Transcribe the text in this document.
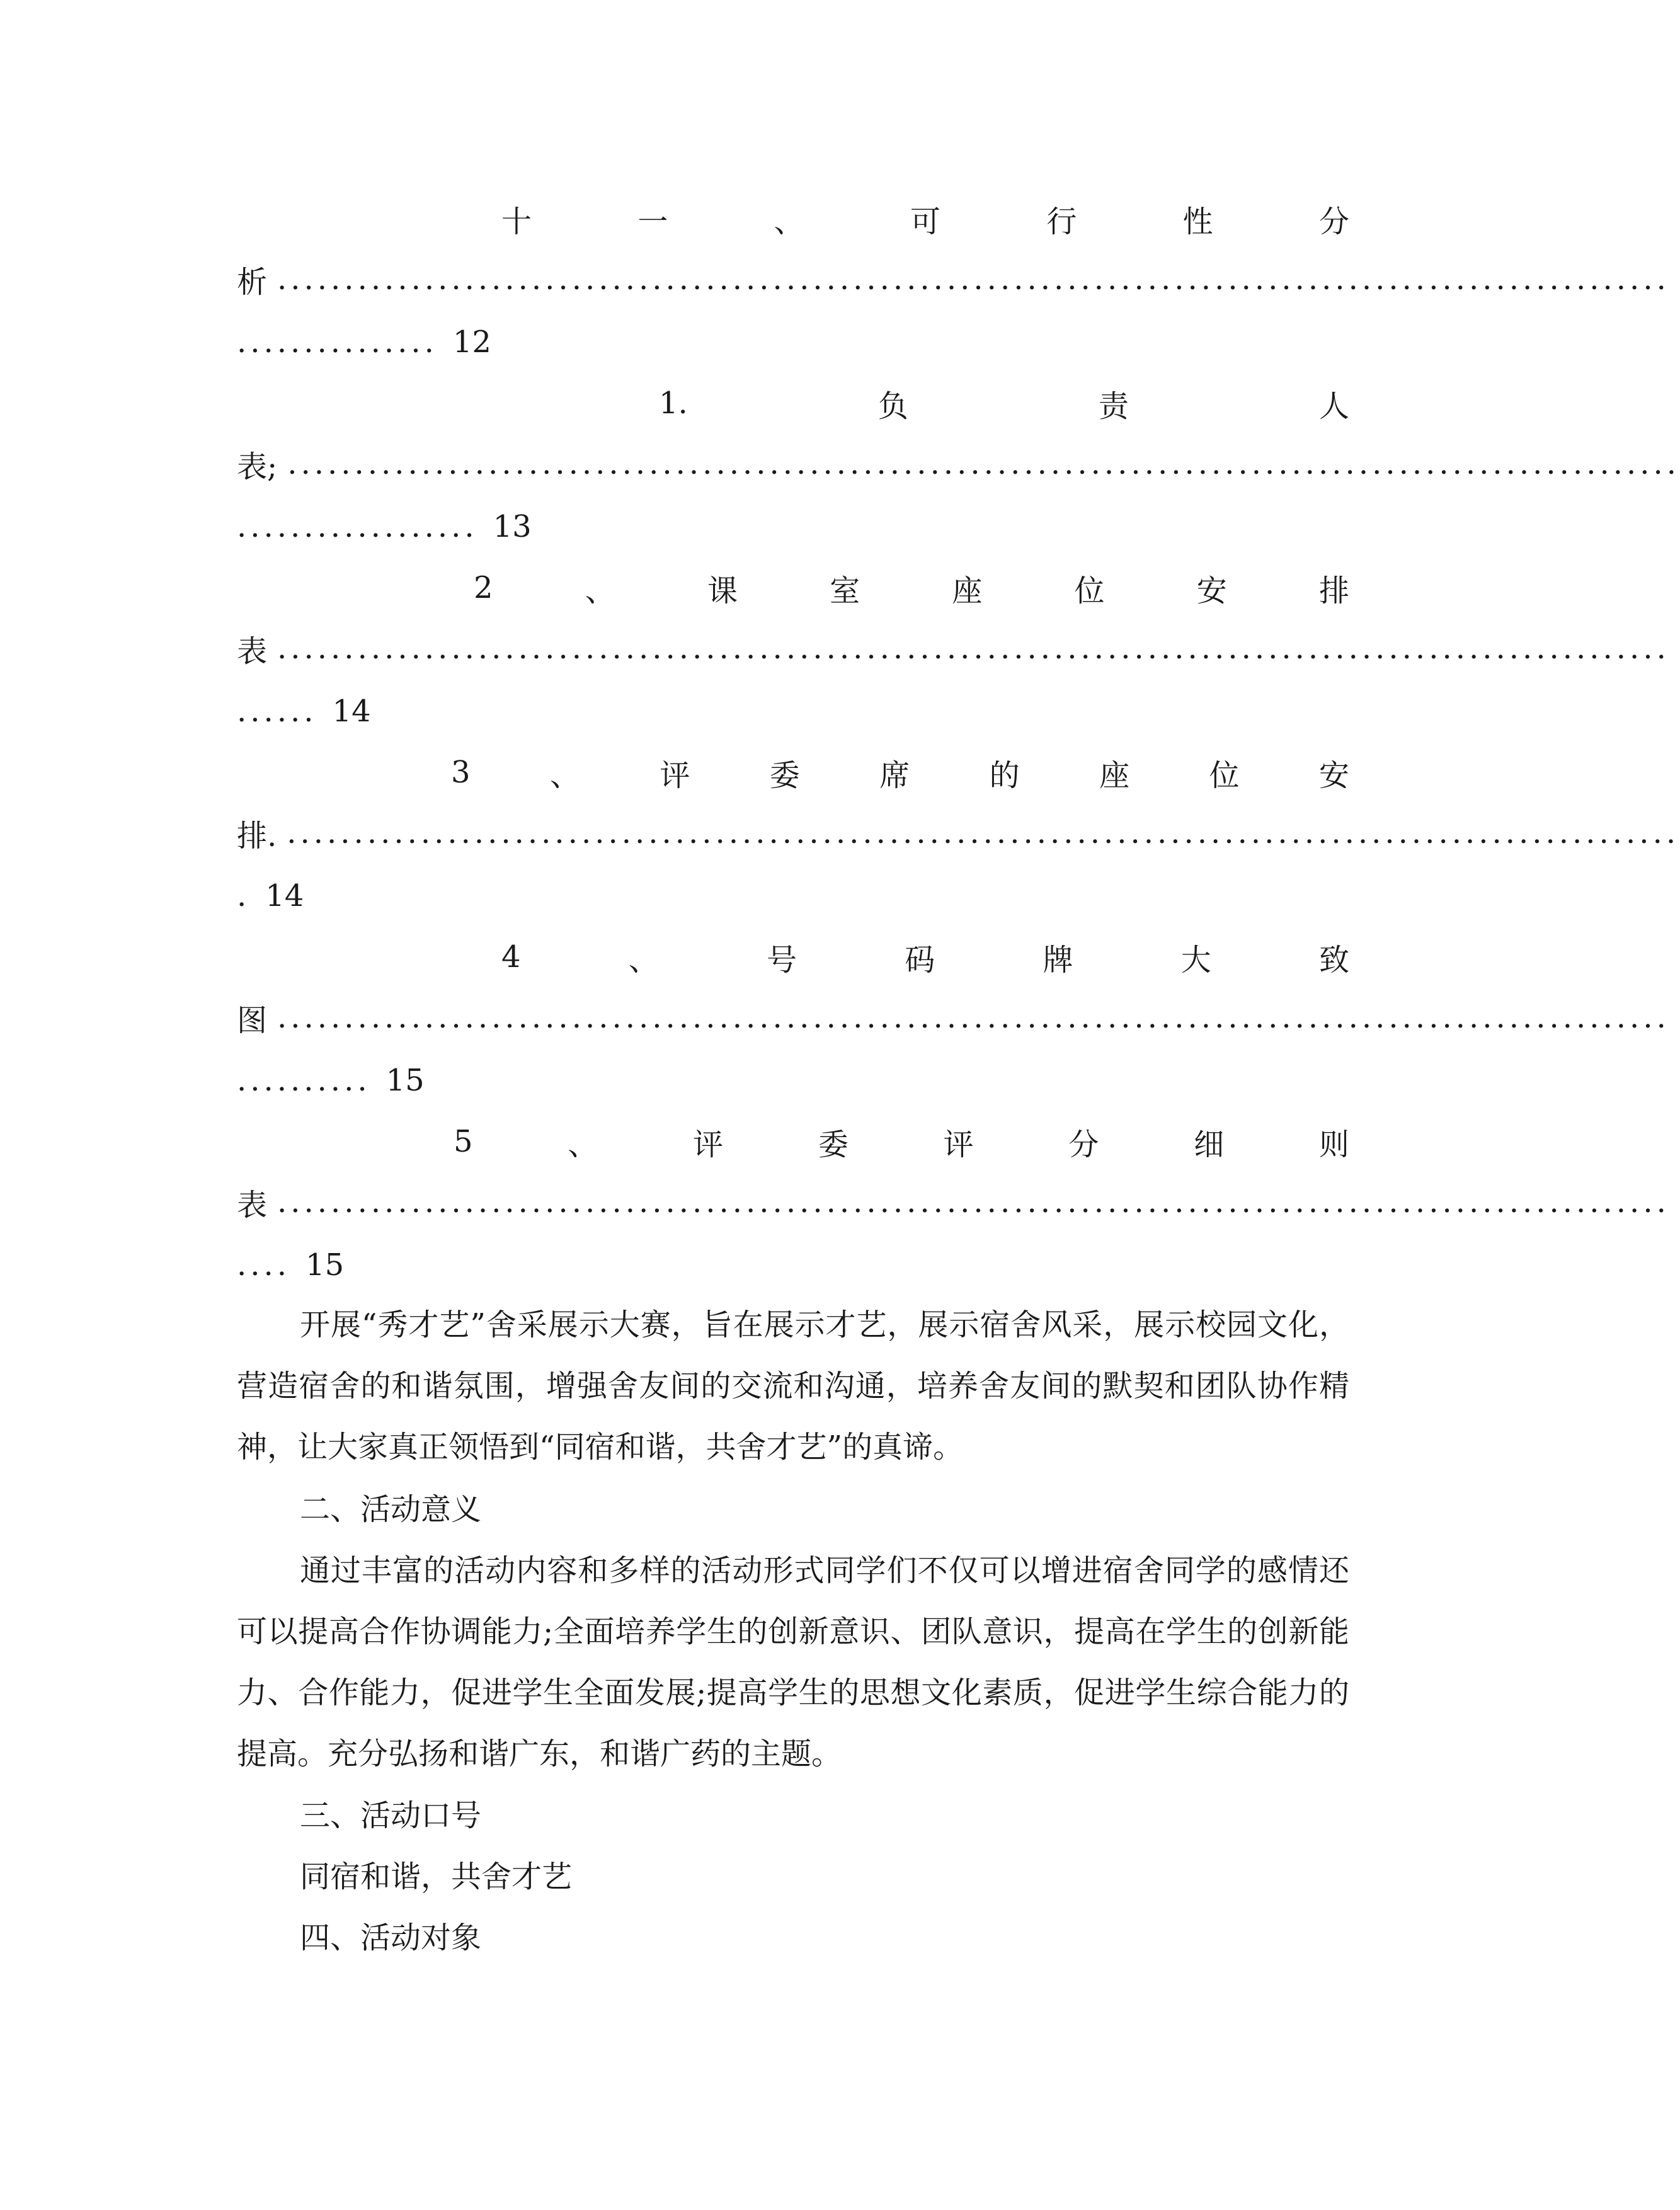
十	一	、	可	行	性	分
析 ........................................................................................................
............... 12
1.	负	责	人
表; ........................................................................................................
.................. 13
2	、	课	室	座	位	安	排
表 ........................................................................................................
...... 14
3	、	评	委	席	的	座	位	安
排. ........................................................................................................
. 14
4	、	号	码	牌	大	致
图 ........................................................................................................
.......... 15
5	、	评	委	评	分	细	则
表 ........................................................................................................
.... 15

开展“秀才艺”舍采展示大赛，旨在展示才艺，展示宿舍风采，展示校园文化，营造宿舍的和谐氛围，增强舍友间的交流和沟通，培养舍友间的默契和团队协作精神，让大家真正领悟到“同宿和谐，共舍才艺”的真谛。

二、活动意义

通过丰富的活动内容和多样的活动形式同学们不仅可以增进宿舍同学的感情还可以提高合作协调能力;全面培养学生的创新意识、团队意识，提高在学生的创新能力、合作能力，促进学生全面发展;提高学生的思想文化素质，促进学生综合能力的提高。充分弘扬和谐广东，和谐广药的主题。

三、活动口号

同宿和谐，共舍才艺

四、活动对象
